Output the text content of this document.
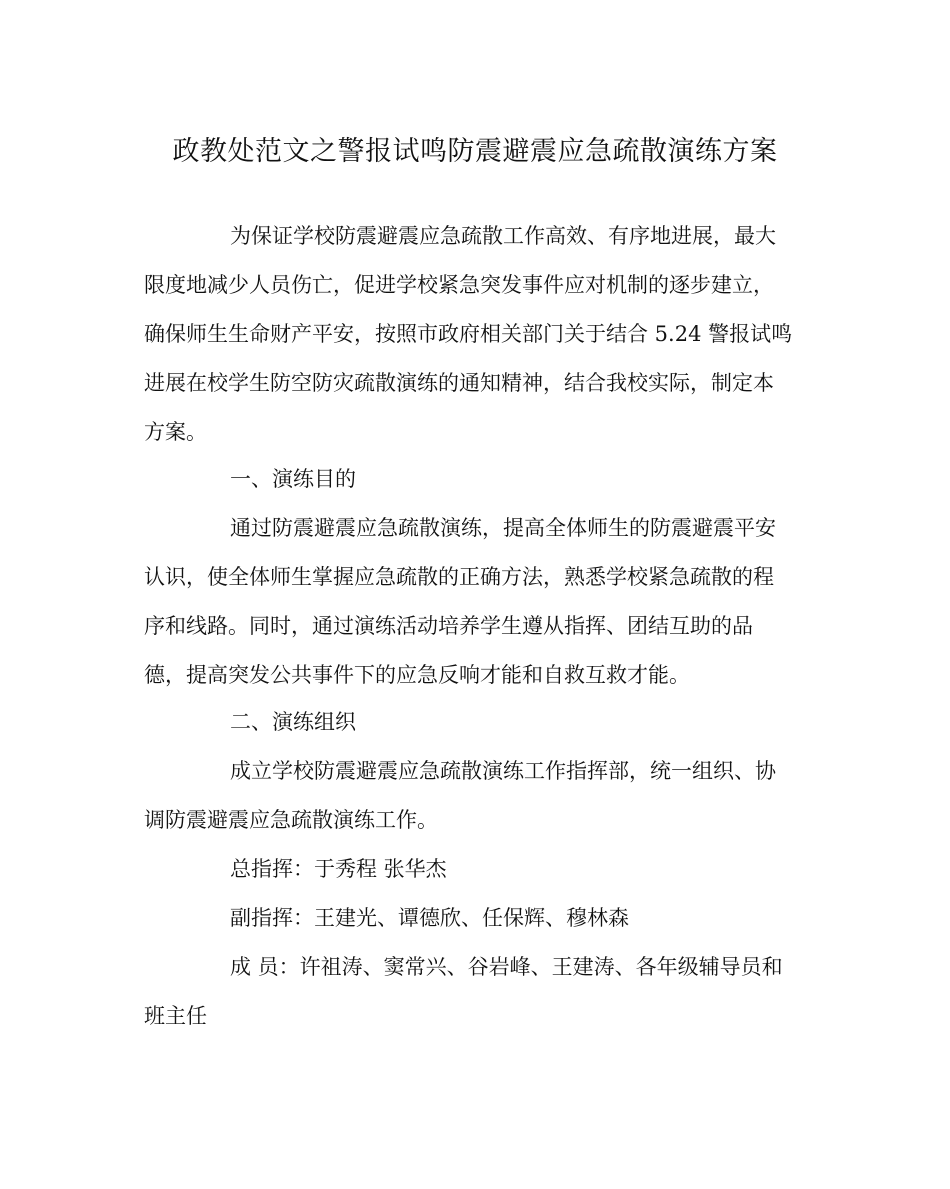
政教处范文之警报试鸣防震避震应急疏散演练方案
为保证学校防震避震应急疏散工作高效、有序地进展，最大
限度地减少人员伤亡，促进学校紧急突发事件应对机制的逐步建立，
确保师生生命财产平安，按照市政府相关部门关于结合 5.24 警报试鸣
进展在校学生防空防灾疏散演练的通知精神，结合我校实际，制定本
方案。
一、演练目的
通过防震避震应急疏散演练，提高全体师生的防震避震平安
认识，使全体师生掌握应急疏散的正确方法，熟悉学校紧急疏散的程
序和线路。同时，通过演练活动培养学生遵从指挥、团结互助的品
德，提高突发公共事件下的应急反响才能和自救互救才能。
二、演练组织
成立学校防震避震应急疏散演练工作指挥部，统一组织、协
调防震避震应急疏散演练工作。
总指挥：于秀程 张华杰
副指挥：王建光、谭德欣、任保辉、穆林森
成 员：许祖涛、窦常兴、谷岩峰、王建涛、各年级辅导员和
班主任
